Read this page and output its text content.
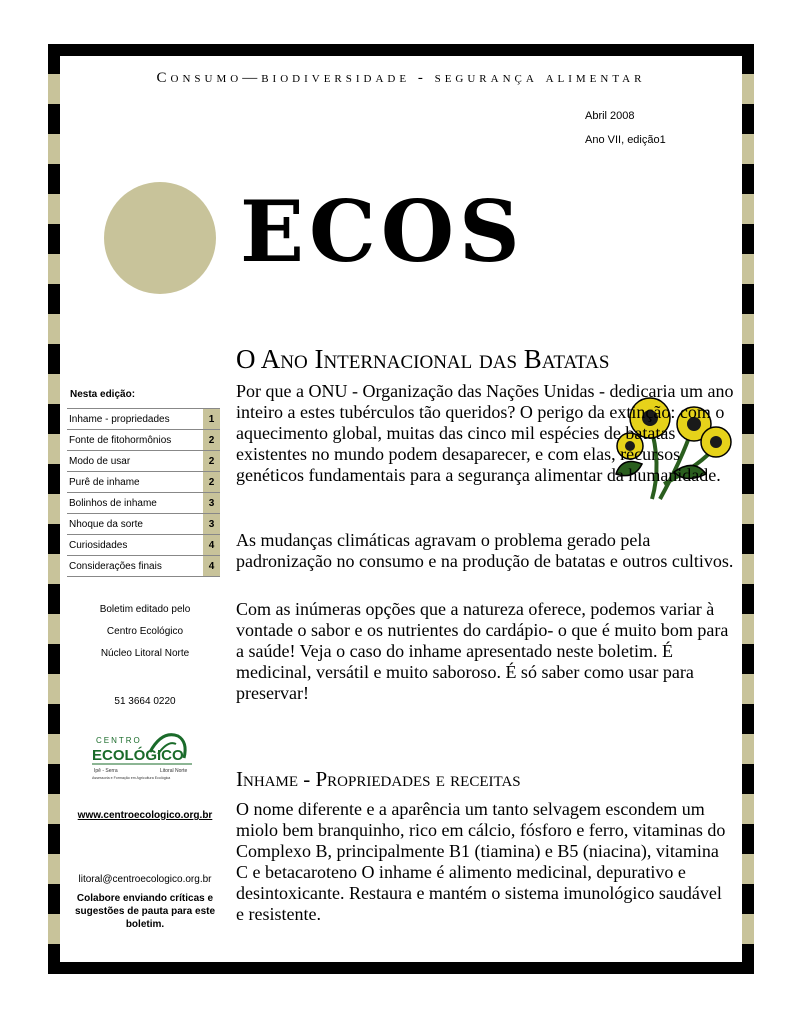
Consumo—biodiversidade - segurança alimentar
Abril 2008
Ano VII, edição1
ECOS
O Ano Internacional das Batatas

Por que a ONU - Organização das Nações Unidas - dedicaria um ano inteiro a estes tubérculos tão queridos? O perigo da extinção: com o aquecimento global, muitas das cinco mil espécies de batatas existentes no mundo podem desaparecer, e com elas, recursos genéticos fundamentais para a segurança alimentar da humanidade.

As mudanças climáticas agravam o problema gerado pela padronização no consumo e na produção de batatas e outros cultivos.

Com as inúmeras opções que a natureza oferece, podemos variar à vontade o sabor e os nutrientes do cardápio- o que é muito bom para a saúde! Veja o caso do inhame apresentado neste boletim. É medicinal, versátil e muito saboroso. É só saber como usar para preservar!

Inhame - Propriedades e receitas

O nome diferente e a aparência um tanto selvagem escondem um miolo bem branquinho, rico em cálcio, fósforo e ferro, vitaminas do Complexo B, principalmente B1 (tiamina) e B5 (niacina), vitamina C e betacaroteno O inhame é alimento medicinal, depurativo e desintoxicante. Restaura e mantém o sistema imunológico saudável e resistente.

Nesta edição:
Inhame - propriedades	1
Fonte de fitohormônios	2
Modo de usar	2
Purê de inhame	2
Bolinhos de inhame	3
Nhoque da sorte	3
Curiosidades	4
Considerações finais	4
Boletim editado pelo
Centro Ecológico
Núcleo Litoral Norte
51 3664 0220
CENTRO
ECOLÓGICO
Ipê - Serra	Litoral Norte
Assessoria e Formação em Agricultura Ecológica
www.centroecologico.org.br
litoral@centroecologico.org.br
Colabore enviando críticas e sugestões de pauta para este boletim.
